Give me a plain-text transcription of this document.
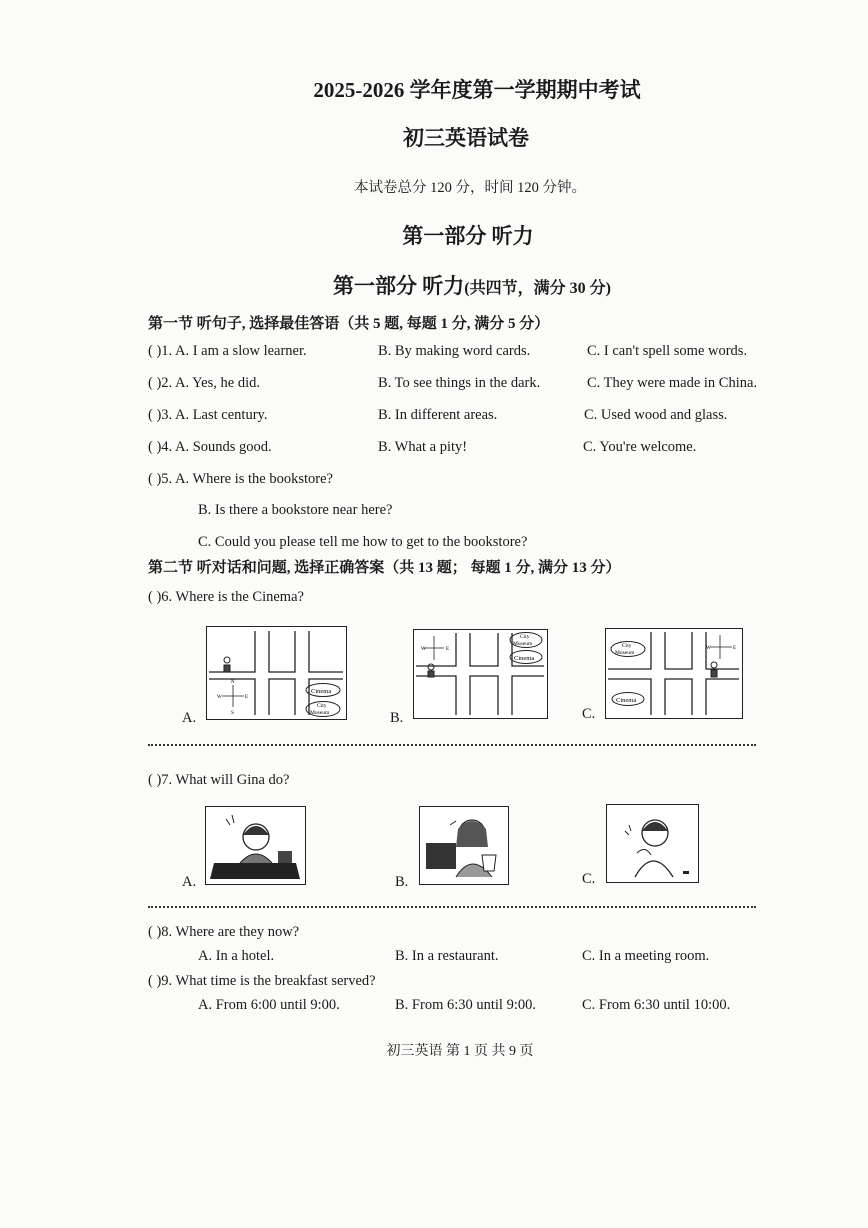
2025-2026 学年度第一学期期中考试
初三英语试卷
本试卷总分 120 分，时间 120 分钟。
第一部分 听力
第一部分 听力(共四节，满分 30 分)
第一节 听句子, 选择最佳答语（共 5 题, 每题 1 分, 满分 5 分）
( )1. A. I am a slow learner.	B. By making word cards.	C. I can't spell some words.
( )2. A. Yes, he did.	B. To see things in the dark.	C. They were made in China.
( )3. A. Last century.	B. In different areas.	C. Used wood and glass.
( )4. A. Sounds good.	B. What a pity!	C. You're welcome.
( )5. A. Where is the bookstore?
B. Is there a bookstore near here?
C. Could you please tell me how to get to the bookstore?
第二节 听对话和问题, 选择正确答案（共 13 题； 每题 1 分, 满分 13 分）
( )6. Where is the Cinema?
A.
N
S
W	E
Cinema
City
Museum	B.
W	E
City
Museum
Cinema
C.
City
Museum
Cinema
W	E
( )7. What will Gina do?
A.	B.	C.
( )8. Where are they now?
A. In a hotel.	B. In a restaurant.	C. In a meeting room.
( )9. What time is the breakfast served?
A. From 6:00 until 9:00.	B. From 6:30 until 9:00.	C. From 6:30 until 10:00.
初三英语 第 1 页 共 9 页
